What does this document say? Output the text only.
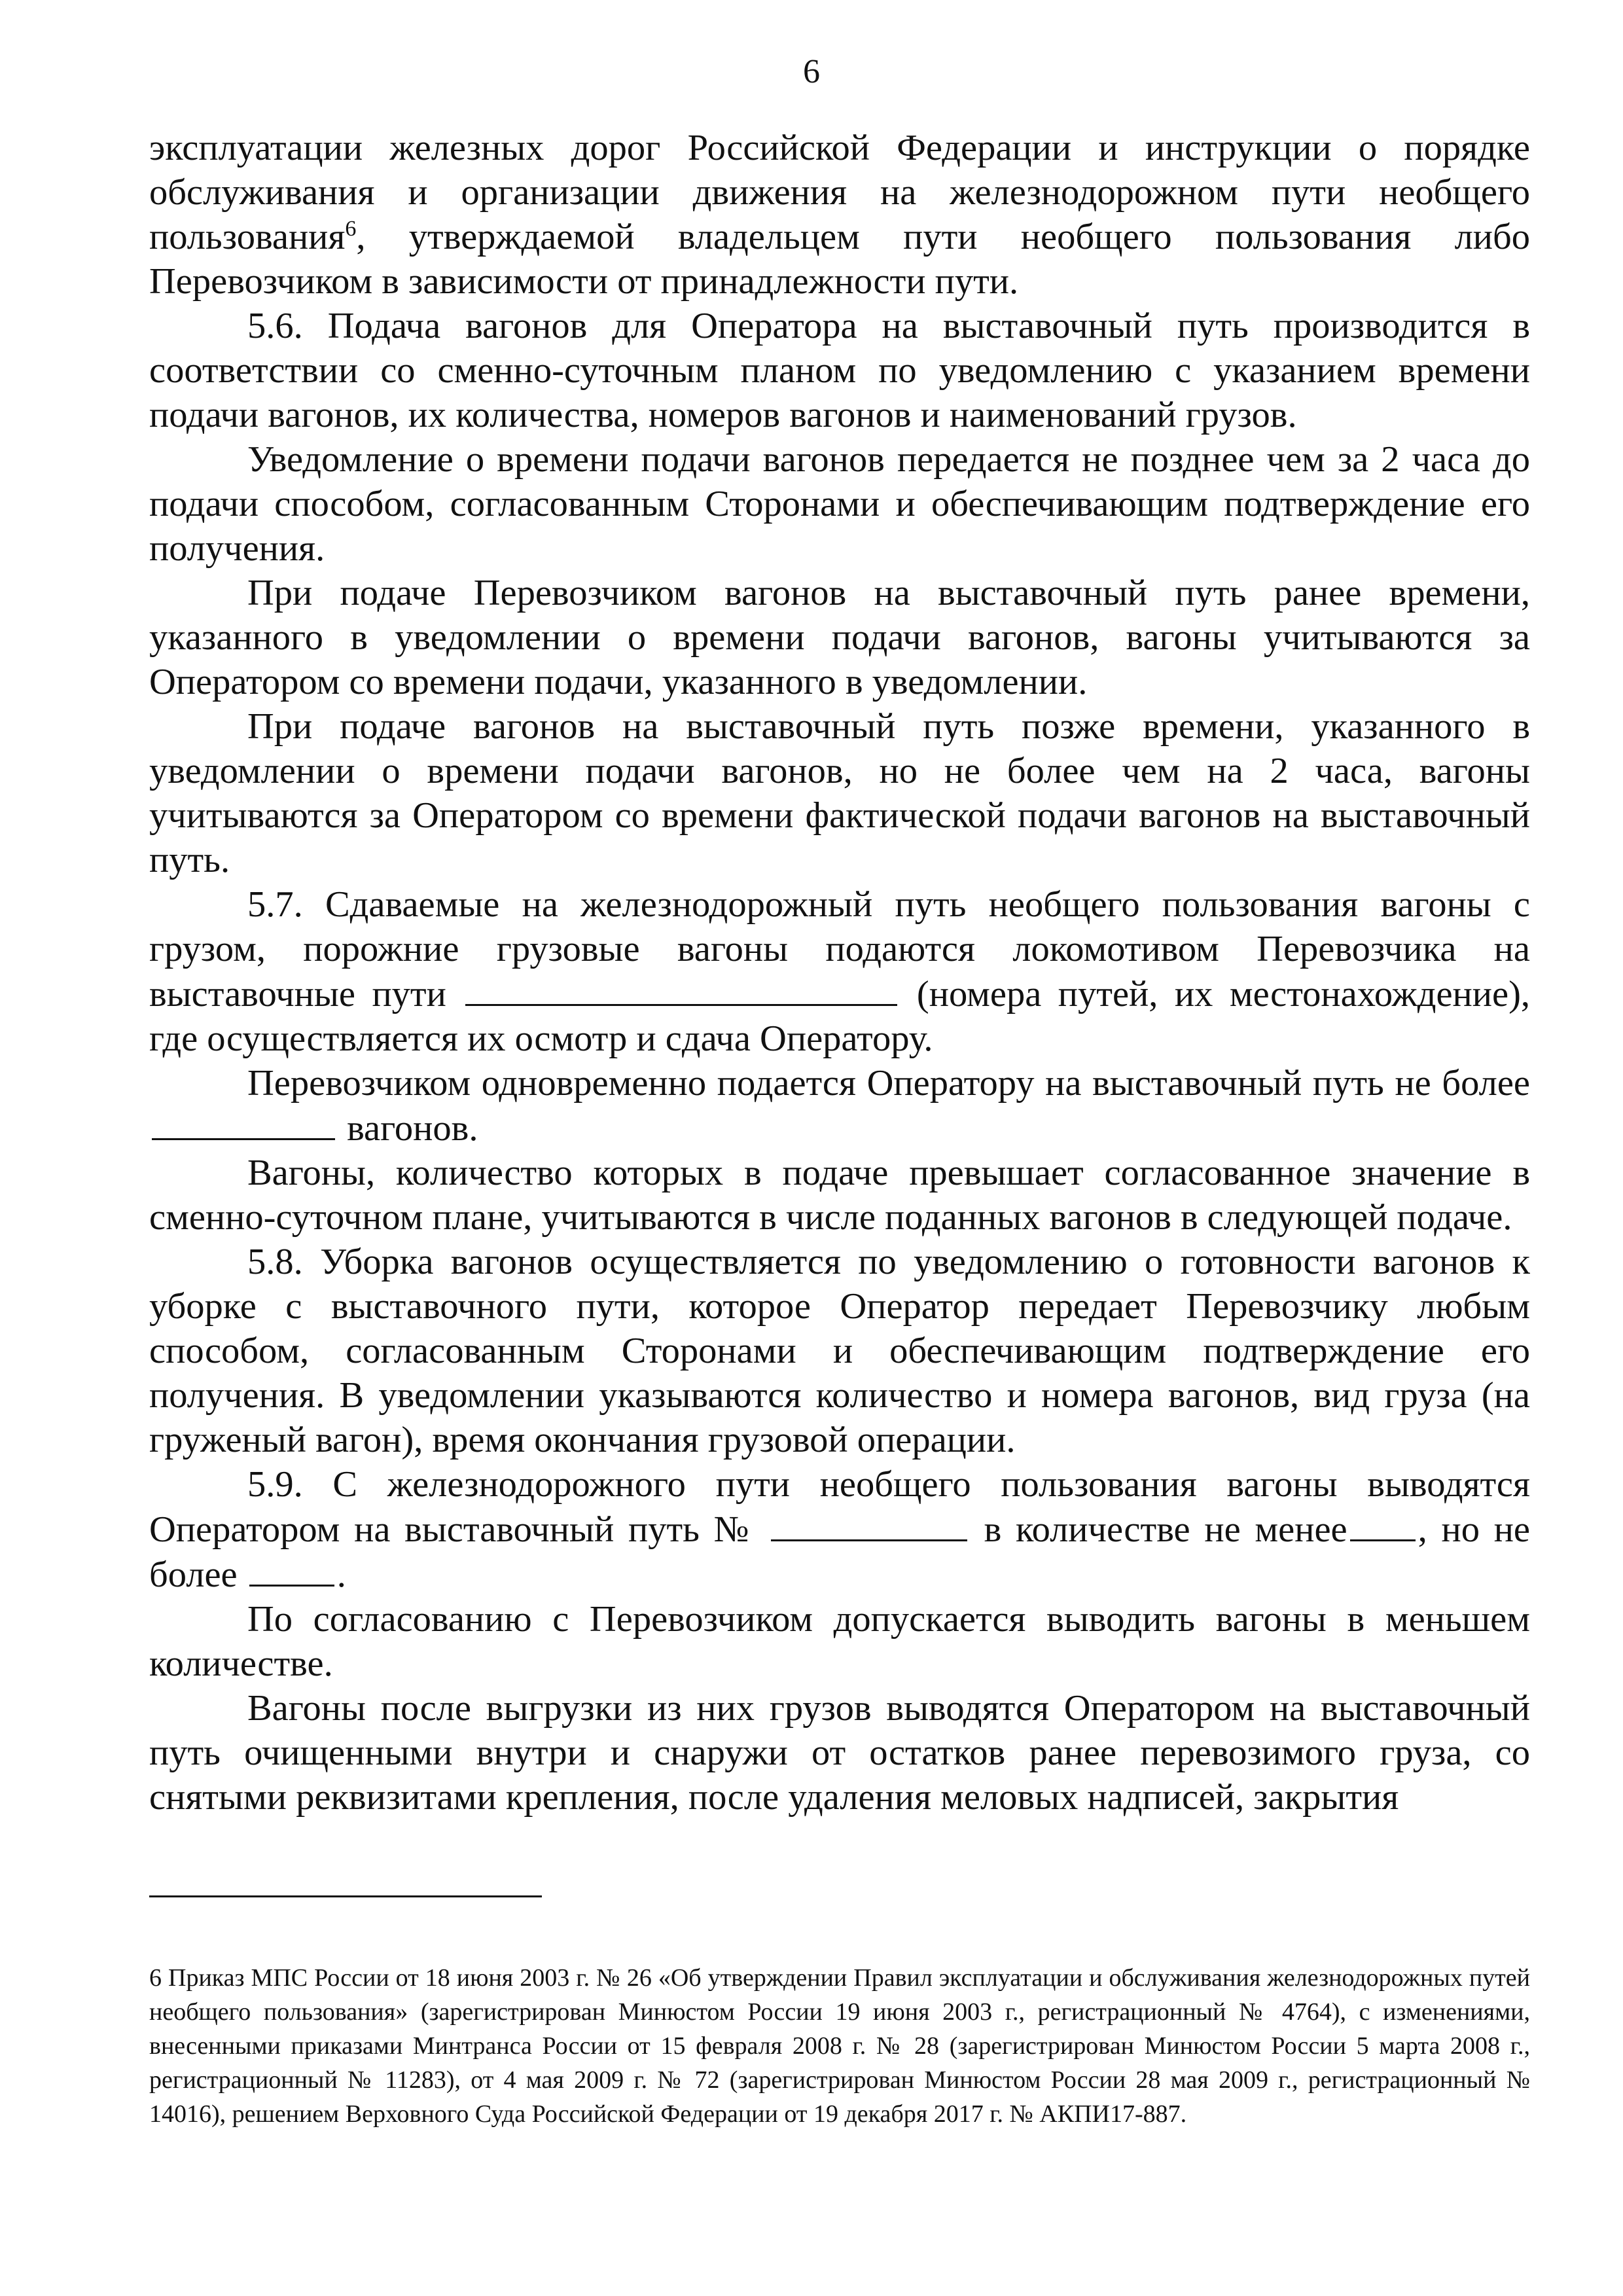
6

эксплуатации железных дорог Российской Федерации и инструкции о порядке обслуживания и организации движения на железнодорожном пути необщего пользования$^6$, утверждаемой владельцем пути необщего пользования либо Перевозчиком в зависимости от принадлежности пути.

5.6. Подача вагонов для Оператора на выставочный путь производится в соответствии со сменно-суточным планом по уведомлению с указанием времени подачи вагонов, их количества, номеров вагонов и наименований грузов.

Уведомление о времени подачи вагонов передается не позднее чем за 2 часа до подачи способом, согласованным Сторонами и обеспечивающим подтверждение его получения.

При подаче Перевозчиком вагонов на выставочный путь ранее времени, указанного в уведомлении о времени подачи вагонов, вагоны учитываются за Оператором со времени подачи, указанного в уведомлении.

При подаче вагонов на выставочный путь позже времени, указанного в уведомлении о времени подачи вагонов, но не более чем на 2 часа, вагоны учитываются за Оператором со времени фактической подачи вагонов на выставочный путь.

5.7. Сдаваемые на железнодорожный путь необщего пользования вагоны с грузом, порожние грузовые вагоны подаются локомотивом Перевозчика на выставочные пути	(номера путей, их местонахождение), где осуществляется их осмотр и сдача Оператору.

Перевозчиком одновременно подается Оператору на выставочный путь не более  вагонов.

Вагоны, количество которых в подаче превышает согласованное значение в сменно-суточном плане, учитываются в числе поданных вагонов в следующей подаче.

5.8. Уборка вагонов осуществляется по уведомлению о готовности вагонов к уборке с выставочного пути, которое Оператор передает Перевозчику любым способом, согласованным Сторонами и обеспечивающим подтверждение его получения. В уведомлении указываются количество и номера вагонов, вид груза (на груженый вагон), время окончания грузовой операции.

5.9. С железнодорожного пути необщего пользования вагоны выводятся Оператором на выставочный путь №	в количестве не менее , но не более	.

По согласованию с Перевозчиком допускается выводить вагоны в меньшем количестве.

Вагоны после выгрузки из них грузов выводятся Оператором на выставочный путь очищенными внутри и снаружи от остатков ранее перевозимого груза, со снятыми реквизитами крепления, после удаления меловых надписей, закрытия

6 Приказ МПС России от 18 июня 2003 г. № 26 «Об утверждении Правил эксплуатации и обслуживания железнодорожных путей необщего пользования» (зарегистрирован Минюстом России 19 июня 2003 г., регистрационный № 4764), с изменениями, внесенными приказами Минтранса России от 15 февраля 2008 г. № 28 (зарегистрирован Минюстом России 5 марта 2008 г., регистрационный № 11283), от 4 мая 2009 г. № 72 (зарегистрирован Минюстом России 28 мая 2009 г., регистрационный № 14016), решением Верховного Суда Российской Федерации от 19 декабря 2017 г. № АКПИ17-887.
